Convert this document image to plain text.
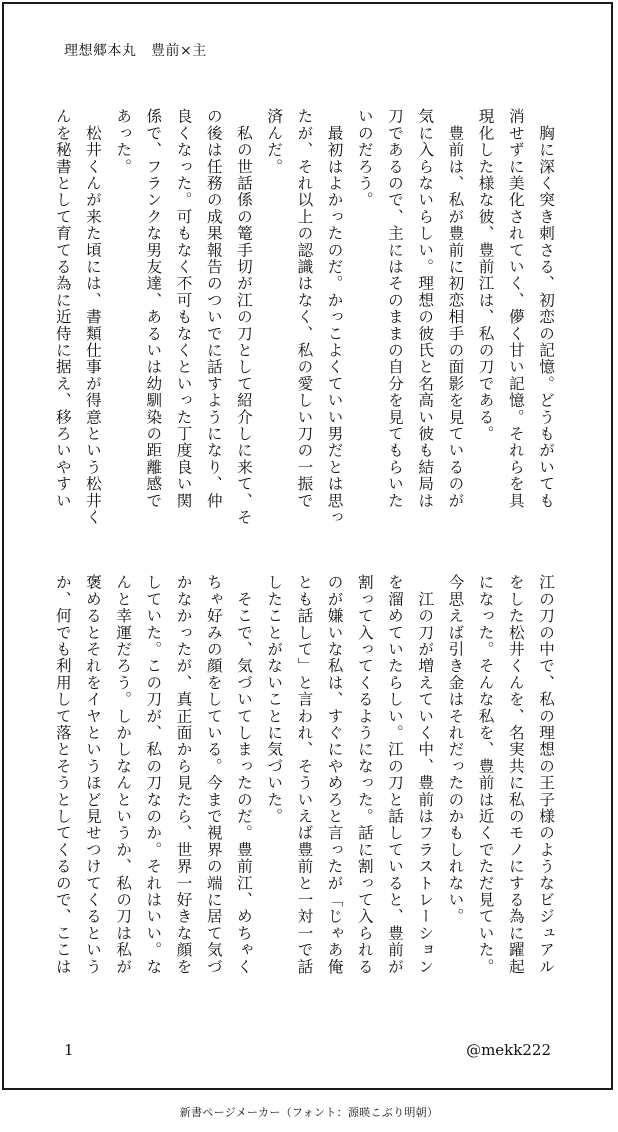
理想郷本丸　豊前×主

　胸に深く突き刺さる、初恋の記憶。どうもがいても

消せずに美化されていく、儚く甘い記憶。それらを具

現化した様な彼、豊前江は、私の刀である。

　豊前は、私が豊前に初恋相手の面影を見ているのが

気に入らないらしい。理想の彼氏と名高い彼も結局は

刀であるので、主にはそのままの自分を見てもらいた

いのだろう。

　最初はよかったのだ。かっこよくていい男だとは思っ

たが、それ以上の認識はなく、私の愛しい刀の一振で

済んだ。

　私の世話係の篭手切が江の刀として紹介しに来て、そ

の後は任務の成果報告のついでに話すようになり、仲

良くなった。可もなく不可もなくといった丁度良い関

係で、フランクな男友達、あるいは幼馴染の距離感で

あった。

　松井くんが来た頃には、書類仕事が得意という松井く

んを秘書として育てる為に近侍に据え、移ろいやすい

江の刀の中で、私の理想の王子様のようなビジュアル

をした松井くんを、名実共に私のモノにする為に躍起

になった。そんな私を、豊前は近くでただ見ていた。

今思えば引き金はそれだったのかもしれない。

　江の刀が増えていく中、豊前はフラストレーション

を溜めていたらしい。江の刀と話していると、豊前が

割って入ってくるようになった。話に割って入られる

のが嫌いな私は、すぐにやめろと言ったが「じゃあ俺

とも話して」と言われ、そういえば豊前と一対一で話

したことがないことに気づいた。

　そこで、気づいてしまったのだ。豊前江、めちゃく

ちゃ好みの顔をしている。今まで視界の端に居て気づ

かなかったが、真正面から見たら、世界一好きな顔を

していた。この刀が、私の刀なのか。それはいい。な

んと幸運だろう。しかしなんというか、私の刀は私が

褒めるとそれをイヤというほど見せつけてくるという

か、何でも利用して落とそうとしてくるので、ここは

1	@mekk222
新書ページメーカー（フォント：源暎こぶり明朝）
